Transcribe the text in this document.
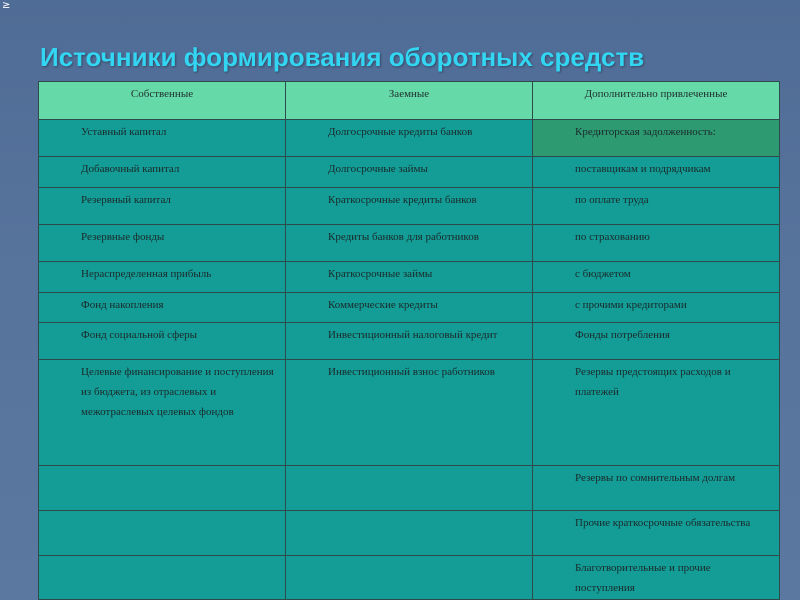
≥
Источники формирования оборотных средств
Собственные	Заемные	Дополнительно привлеченные
Уставный капитал	Долгосрочные кредиты банков	Кредиторская задолженность:
Добавочный капитал	Долгосрочные займы	поставщикам и подрядчикам
Резервный капитал	Краткосрочные кредиты банков	по оплате труда
Резервные фонды	Кредиты банков для работников	по страхованию
Нераспределенная прибыль	Краткосрочные займы	с бюджетом
Фонд накопления	Коммерческие кредиты	с прочими кредиторами
Фонд социальной сферы	Инвестиционный налоговый кредит	Фонды потребления
Целевые финансирование и поступления из бюджета, из отраслевых и межотраслевых целевых фондов	Инвестиционный взнос работников	Резервы предстоящих расходов и платежей
		Резервы по сомнительным долгам
		Прочие краткосрочные обязательства
		Благотворительные и прочие поступления
